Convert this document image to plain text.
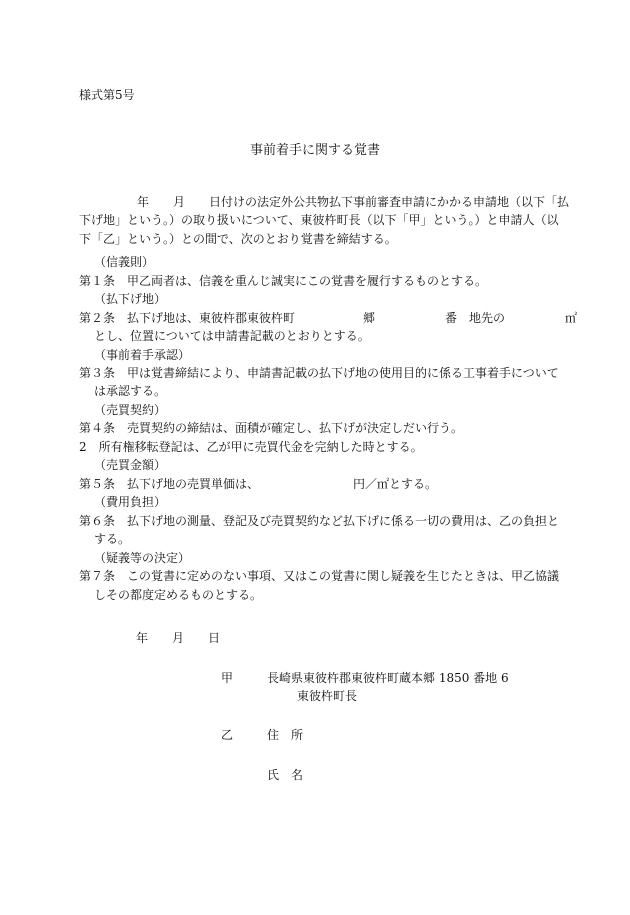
様式第5号
事前着手に関する覚書
年 月 日付けの法定外公共物払下事前審査申請にかかる申請地（以下「払
下げ地」という。）の取り扱いについて、東彼杵町長（以下「甲」という。）と申請人（以
下「乙」という。）との間で、次のとおり覚書を締結する。
（信義則）
第１条　甲乙両者は、信義を重んじ誠実にこの覚書を履行するものとする。
（払下げ地）
第２条　払下げ地は、東彼杵郡東彼杵町	郷	番　地先の	㎡
とし、位置については申請書記載のとおりとする。
（事前着手承認）
第３条　甲は覚書締結により、申請書記載の払下げ地の使用目的に係る工事着手について
は承認する。
（売買契約）
第４条　売買契約の締結は、面積が確定し、払下げが決定しだい行う。
2　所有権移転登記は、乙が甲に売買代金を完納した時とする。
（売買金額）
第５条　払下げ地の売買単価は、	円／㎡とする。
（費用負担）
第６条　払下げ地の測量、登記及び売買契約など払下げに係る一切の費用は、乙の負担と
する。
（疑義等の決定）
第７条　この覚書に定めのない事項、又はこの覚書に関し疑義を生じたときは、甲乙協議
しその都度定めるものとする。
年 月 日
甲	長崎県東彼杵郡東彼杵町蔵本郷 1850 番地 6
東彼杵町長
乙	住　所
氏　名
